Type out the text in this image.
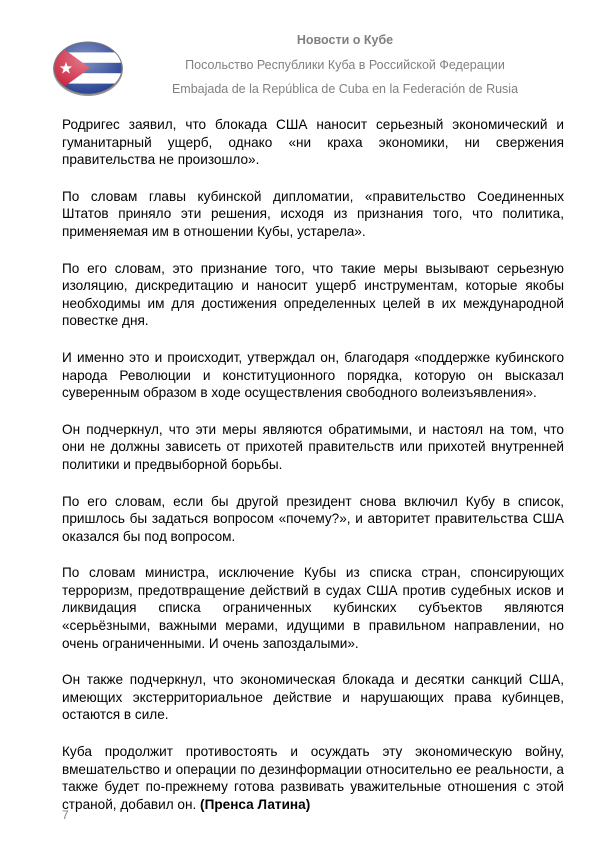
Новости о Кубе
Посольство Республики Куба в Российской Федерации
Embajada de la República de Cuba en la Federación de Rusia

Родригес заявил, что блокада США наносит серьезный экономический и гуманитарный ущерб, однако «ни краха экономики, ни свержения правительства не произошло».

По словам главы кубинской дипломатии, «правительство Соединенных Штатов приняло эти решения, исходя из признания того, что политика, применяемая им в отношении Кубы, устарела».

По его словам, это признание того, что такие меры вызывают серьезную изоляцию, дискредитацию и наносит ущерб инструментам, которые якобы необходимы им для достижения определенных целей в их международной повестке дня.

И именно это и происходит, утверждал он, благодаря «поддержке кубинского народа Революции и конституционного порядка, которую он высказал суверенным образом в ходе осуществления свободного волеизъявления».

Он подчеркнул, что эти меры являются обратимыми, и настоял на том, что они не должны зависеть от прихотей правительств или прихотей внутренней политики и предвыборной борьбы.

По его словам, если бы другой президент снова включил Кубу в список, пришлось бы задаться вопросом «почему?», и авторитет правительства США оказался бы под вопросом.

По словам министра, исключение Кубы из списка стран, спонсирующих терроризм, предотвращение действий в судах США против судебных исков и ликвидация списка ограниченных кубинских субъектов являются «серьёзными, важными мерами, идущими в правильном направлении, но очень ограниченными. И очень запоздалыми».

Он также подчеркнул, что экономическая блокада и десятки санкций США, имеющих экстерриториальное действие и нарушающих права кубинцев, остаются в силе.

Куба продолжит противостоять и осуждать эту экономическую войну, вмешательство и операции по дезинформации относительно ее реальности, а также будет по-прежнему готова развивать уважительные отношения с этой страной, добавил он. (Пренса Латина)

7
